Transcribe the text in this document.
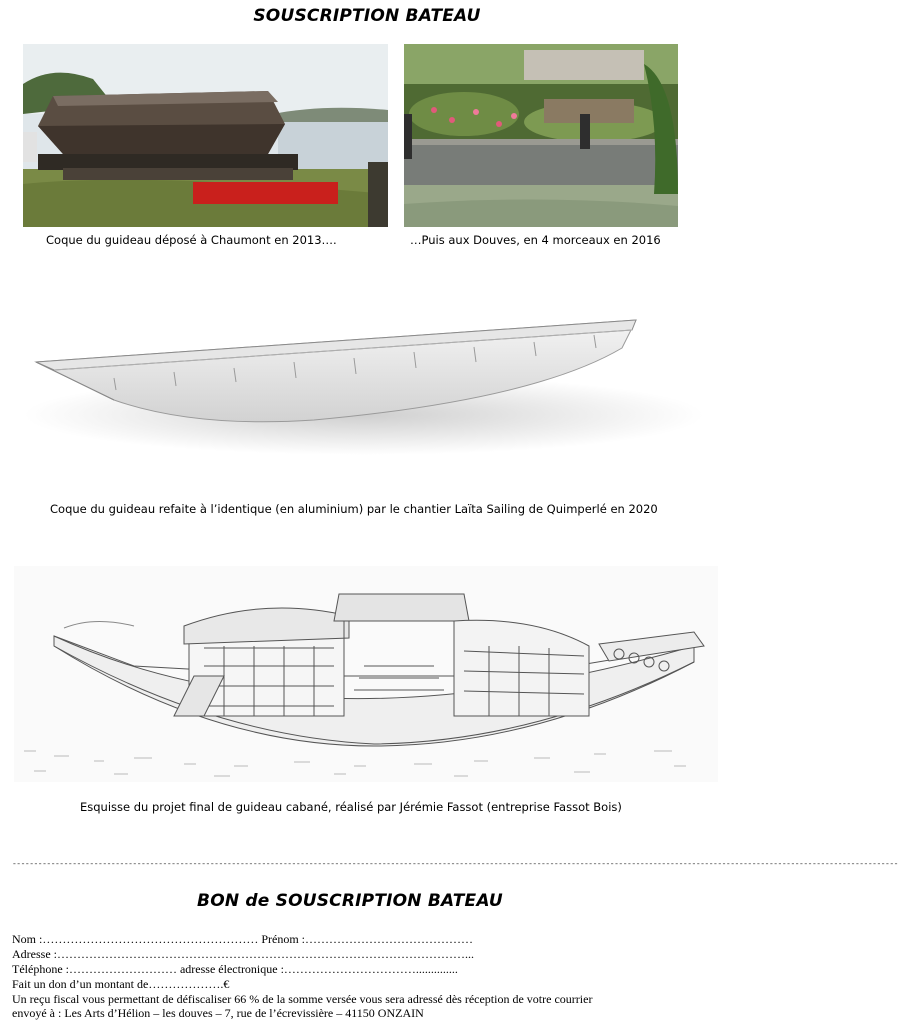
SOUSCRIPTION BATEAU
Coque du guideau déposé à Chaumont en 2013….	…Puis aux Douves, en 4 morceaux en 2016
Coque du guideau refaite à l’identique (en aluminium) par le chantier Laïta Sailing de Quimperlé en 2020
Esquisse du projet final de guideau cabané, réalisé par Jérémie Fassot (entreprise Fassot Bois)
--------------------------------------------------------------------------------------------------------------------------------------------------------------------------------------------------------------
BON de SOUSCRIPTION BATEAU
Nom :……………………………………………… Prénom :……………………………………
Adresse :…………………………………………………………………………………………...
Téléphone :……………………… adresse électronique :……………………………..............
Fait un don d’un montant de……………….€
Un reçu fiscal vous permettant de défiscaliser 66 % de la somme versée vous sera adressé dès réception de votre courrier
envoyé à : Les Arts d’Hélion – les douves – 7, rue de l’écrevissière – 41150 ONZAIN
